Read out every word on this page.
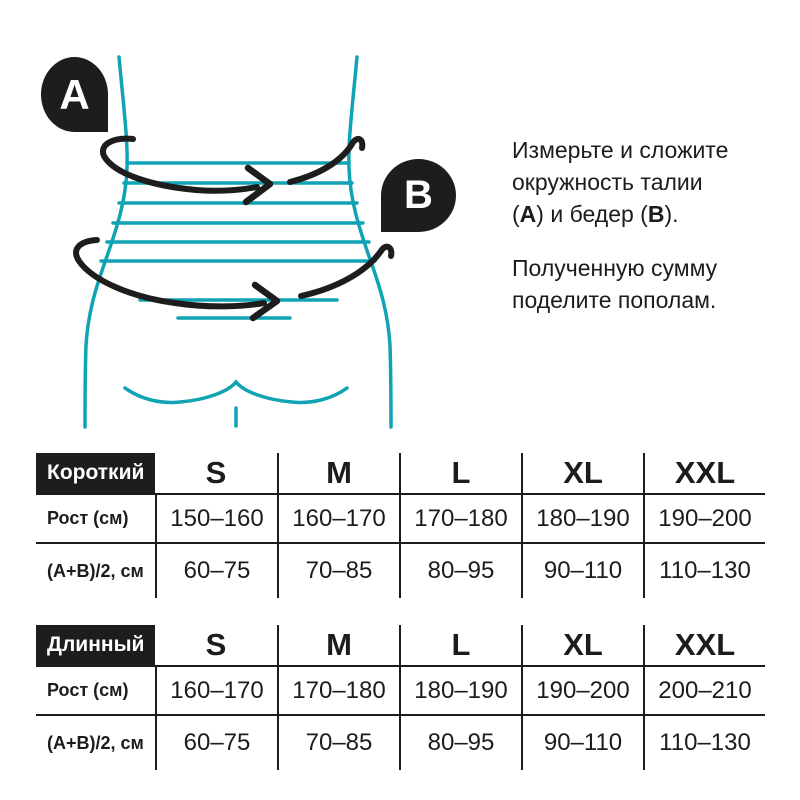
А
В
Измерьте и сложите
окружность талии
(А) и бедер (В).
Полученную сумму
поделите пополам.
Короткий	S	M	L	XL	XXL
Рост (см)	150–160	160–170	170–180	180–190	190–200
(А+В)/2, см	60–75	70–85	80–95	90–110	110–130
Длинный	S	M	L	XL	XXL
Рост (см)	160–170	170–180	180–190	190–200	200–210
(А+В)/2, см	60–75	70–85	80–95	90–110	110–130
